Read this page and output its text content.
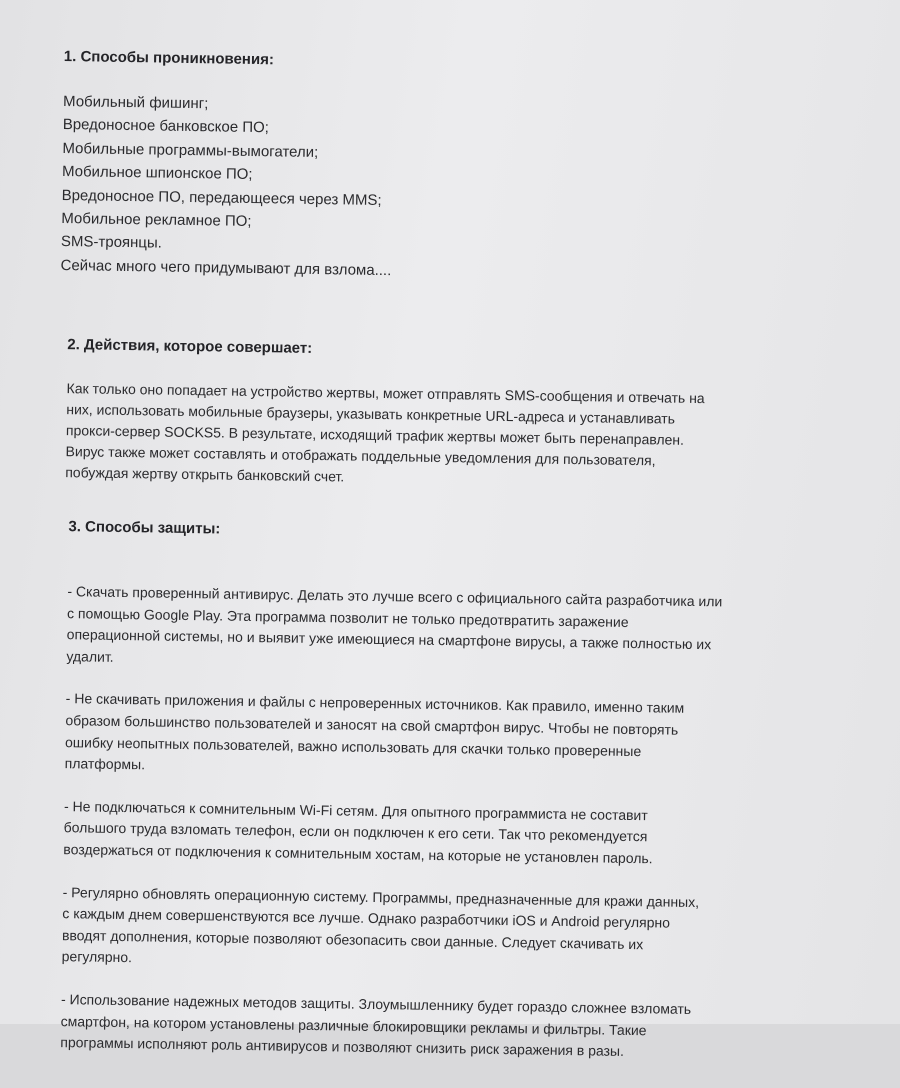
1. Способы проникновения:
Мобильный фишинг;
Вредоносное банковское ПО;
Мобильные программы-вымогатели;
Мобильное шпионское ПО;
Вредоносное ПО, передающееся через MMS;
Мобильное рекламное ПО;
SMS-троянцы.
Сейчас много чего придумывают для взлома....
2. Действия, которое совершает:

Как только оно попадает на устройство жертвы, может отправлять SMS-сообщения и отвечать на
них, использовать мобильные браузеры, указывать конкретные URL-адреса и устанавливать
прокси-сервер SOCKS5. В результате, исходящий трафик жертвы может быть перенаправлен.
Вирус также может составлять и отображать поддельные уведомления для пользователя,
побуждая жертву открыть банковский счет.

3. Способы защиты:

- Скачать проверенный антивирус. Делать это лучше всего с официального сайта разработчика или
с помощью Google Play. Эта программа позволит не только предотвратить заражение
операционной системы, но и выявит уже имеющиеся на смартфоне вирусы, а также полностью их
удалит.

- Не скачивать приложения и файлы с непроверенных источников. Как правило, именно таким
образом большинство пользователей и заносят на свой смартфон вирус. Чтобы не повторять
ошибку неопытных пользователей, важно использовать для скачки только проверенные
платформы.

- Не подключаться к сомнительным Wi-Fi сетям. Для опытного программиста не составит
большого труда взломать телефон, если он подключен к его сети. Так что рекомендуется
воздержаться от подключения к сомнительным хостам, на которые не установлен пароль.

- Регулярно обновлять операционную систему. Программы, предназначенные для кражи данных,
с каждым днем совершенствуются все лучше. Однако разработчики iOS и Android регулярно
вводят дополнения, которые позволяют обезопасить свои данные. Следует скачивать их
регулярно.

- Использование надежных методов защиты. Злоумышленнику будет гораздо сложнее взломать
смартфон, на котором установлены различные блокировщики рекламы и фильтры. Такие
программы исполняют роль антивирусов и позволяют снизить риск заражения в разы.
